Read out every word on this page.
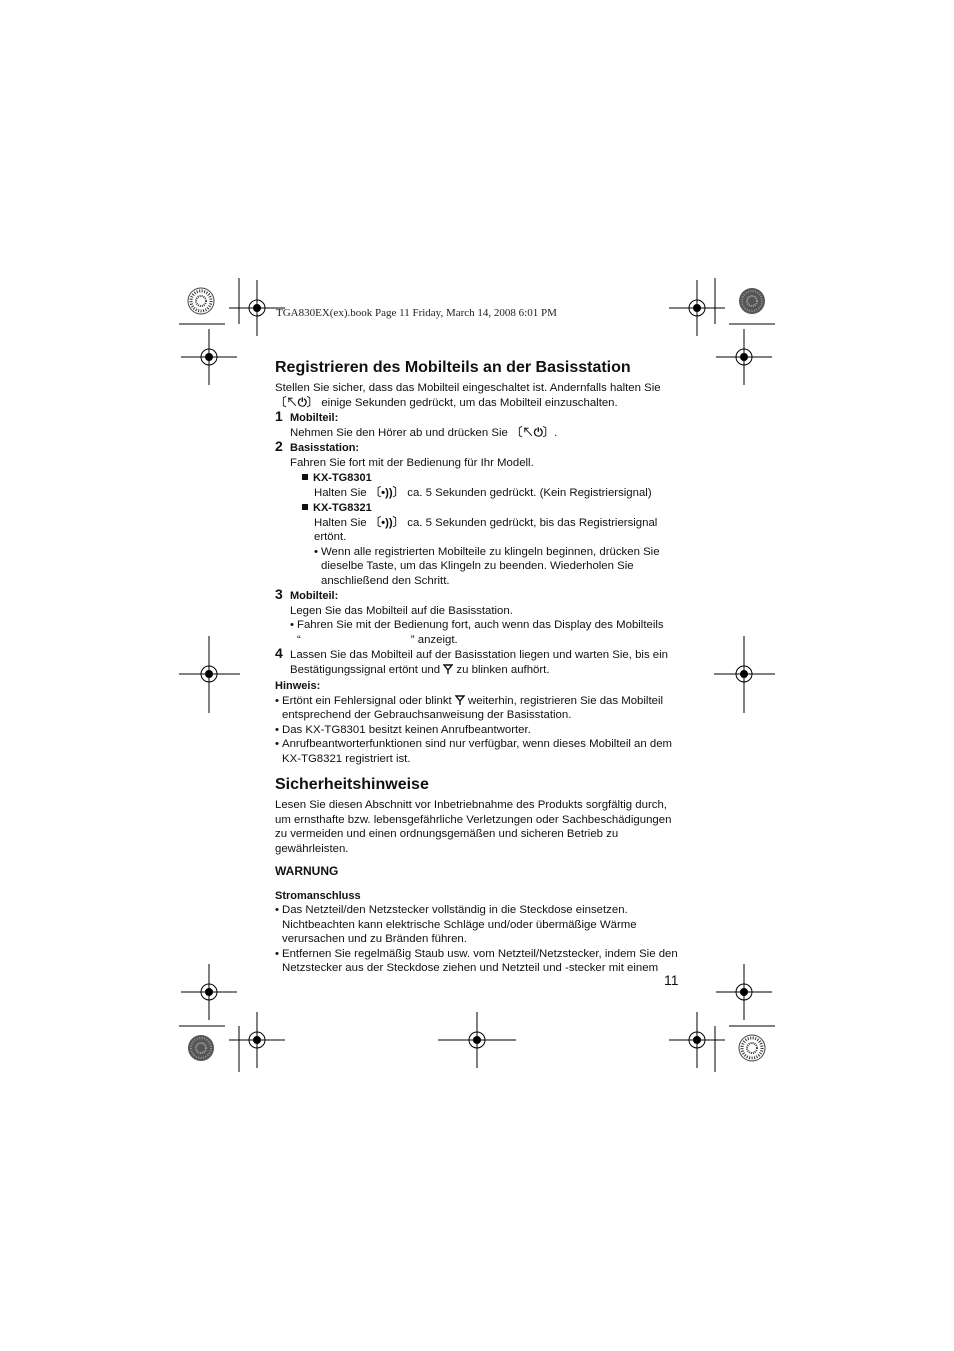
TGA830EX(ex).book Page 11 Friday, March 14, 2008 6:01 PM
Registrieren des Mobilteils an der Basisstation

Stellen Sie sicher, dass das Mobilteil eingeschaltet ist. Andernfalls halten Sie
〔↖⏻〕 einige Sekunden gedrückt, um das Mobilteil einzuschalten.

1 Mobilteil:
Nehmen Sie den Hörer ab und drücken Sie 〔↖⏻〕.
2 Basisstation:
Fahren Sie fort mit der Bedienung für Ihr Modell.
KX-TG8301
Halten Sie 〔•))〕 ca. 5 Sekunden gedrückt. (Kein Registriersignal)
KX-TG8321
Halten Sie 〔•))〕 ca. 5 Sekunden gedrückt, bis das Registriersignal ertönt.
• Wenn alle registrierten Mobilteile zu klingeln beginnen, drücken Sie
dieselbe Taste, um das Klingeln zu beenden. Wiederholen Sie
anschließend den Schritt.
3 Mobilteil:
Legen Sie das Mobilteil auf die Basisstation.
• Fahren Sie mit der Bedienung fort, auch wenn das Display des Mobilteils
“	” anzeigt.
4 Lassen Sie das Mobilteil auf der Basisstation liegen und warten Sie, bis ein
Bestätigungssignal ertönt und  zu blinken aufhört.
Hinweis:
• Ertönt ein Fehlersignal oder blinkt  weiterhin, registrieren Sie das Mobilteil
entsprechend der Gebrauchsanweisung der Basisstation.
• Das KX-TG8301 besitzt keinen Anrufbeantworter.
• Anrufbeantworterfunktionen sind nur verfügbar, wenn dieses Mobilteil an dem
KX-TG8321 registriert ist.
Sicherheitshinweise

Lesen Sie diesen Abschnitt vor Inbetriebnahme des Produkts sorgfältig durch,
um ernsthafte bzw. lebensgefährliche Verletzungen oder Sachbeschädigungen
zu vermeiden und einen ordnungsgemäßen und sicheren Betrieb zu
gewährleisten.

WARNUNG
Stromanschluss
• Das Netzteil/den Netzstecker vollständig in die Steckdose einsetzen.
Nichtbeachten kann elektrische Schläge und/oder übermäßige Wärme
verursachen und zu Bränden führen.
• Entfernen Sie regelmäßig Staub usw. vom Netzteil/Netzstecker, indem Sie den
Netzstecker aus der Steckdose ziehen und Netzteil und -stecker mit einem
11
